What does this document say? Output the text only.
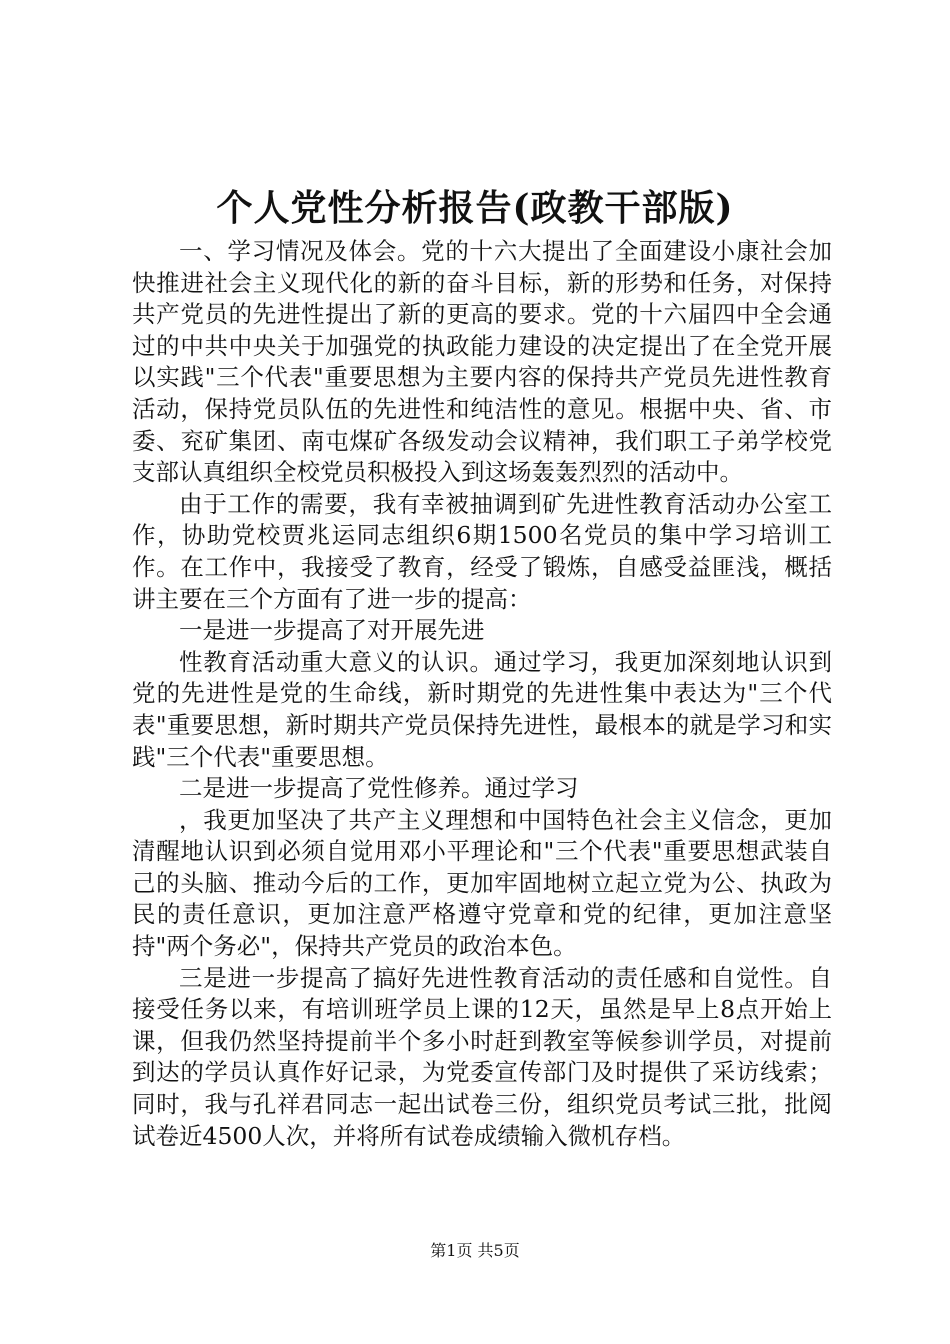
个人党性分析报告(政教干部版)

一、学习情况及体会。党的十六大提出了全面建设小康社会加快推进社会主义现代化的新的奋斗目标，新的形势和任务，对保持共产党员的先进性提出了新的更高的要求。党的十六届四中全会通过的中共中央关于加强党的执政能力建设的决定提出了在全党开展以实践"三个代表"重要思想为主要内容的保持共产党员先进性教育活动，保持党员队伍的先进性和纯洁性的意见。根据中央、省、市委、兖矿集团、南屯煤矿各级发动会议精神，我们职工子弟学校党支部认真组织全校党员积极投入到这场轰轰烈烈的活动中。

由于工作的需要，我有幸被抽调到矿先进性教育活动办公室工作，协助党校贾兆运同志组织6期1500名党员的集中学习培训工作。在工作中，我接受了教育，经受了锻炼，自感受益匪浅，概括讲主要在三个方面有了进一步的提高：

一是进一步提高了对开展先进

性教育活动重大意义的认识。通过学习，我更加深刻地认识到党的先进性是党的生命线，新时期党的先进性集中表达为"三个代表"重要思想，新时期共产党员保持先进性，最根本的就是学习和实践"三个代表"重要思想。

二是进一步提高了党性修养。通过学习

，我更加坚决了共产主义理想和中国特色社会主义信念，更加清醒地认识到必须自觉用邓小平理论和"三个代表"重要思想武装自己的头脑、推动今后的工作，更加牢固地树立起立党为公、执政为民的责任意识，更加注意严格遵守党章和党的纪律，更加注意坚持"两个务必"，保持共产党员的政治本色。

三是进一步提高了搞好先进性教育活动的责任感和自觉性。自接受任务以来，有培训班学员上课的12天，虽然是早上8点开始上课，但我仍然坚持提前半个多小时赶到教室等候参训学员，对提前到达的学员认真作好记录，为党委宣传部门及时提供了采访线索；同时，我与孔祥君同志一起出试卷三份，组织党员考试三批，批阅试卷近4500人次，并将所有试卷成绩输入微机存档。

第1页 共5页
